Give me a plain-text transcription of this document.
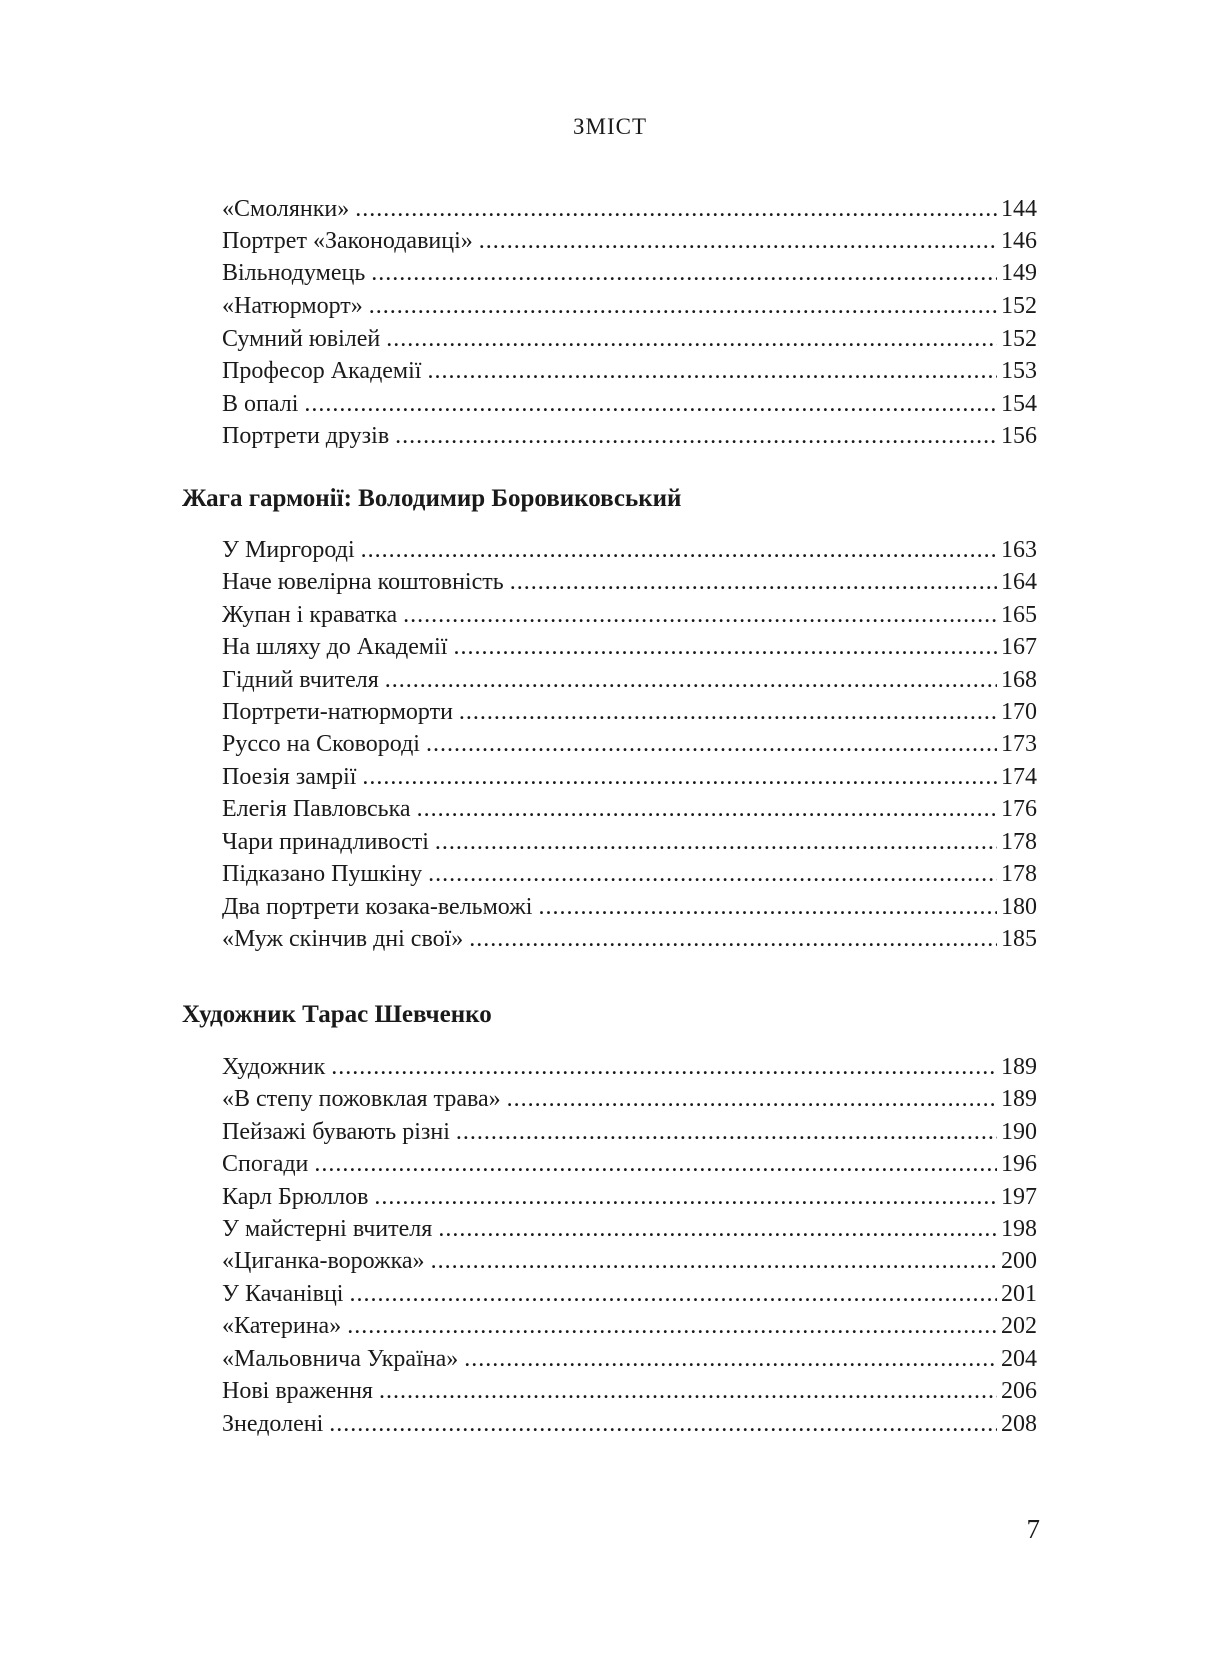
ЗМІСТ
«Смолянки» .....	144
Портрет «Законодавиці» .....	146
Вільнодумець .....	149
«Натюрморт» .....	152
Сумний ювілей .....	152
Професор Академії .....	153
В опалі .....	154
Портрети друзів .....	156
Жага гармонії: Володимир Боровиковський
У Миргороді .....	163
Наче ювелірна коштовність .....	164
Жупан і краватка .....	165
На шляху до Академії .....	167
Гідний вчителя .....	168
Портрети-натюрморти .....	170
Руссо на Сковороді .....	173
Поезія замрії .....	174
Елегія Павловська .....	176
Чари принадливості .....	178
Підказано Пушкіну .....	178
Два портрети козака-вельможі .....	180
«Муж скінчив дні свої» .....	185
Художник Тарас Шевченко
Художник .....	189
«В степу пожовклая трава» .....	189
Пейзажі бувають різні .....	190
Спогади .....	196
Карл Брюллов .....	197
У майстерні вчителя .....	198
«Циганка-ворожка» .....	200
У Качанівці .....	201
«Катерина» .....	202
«Мальовнича Україна» .....	204
Нові враження .....	206
Знедолені .....	208
7
